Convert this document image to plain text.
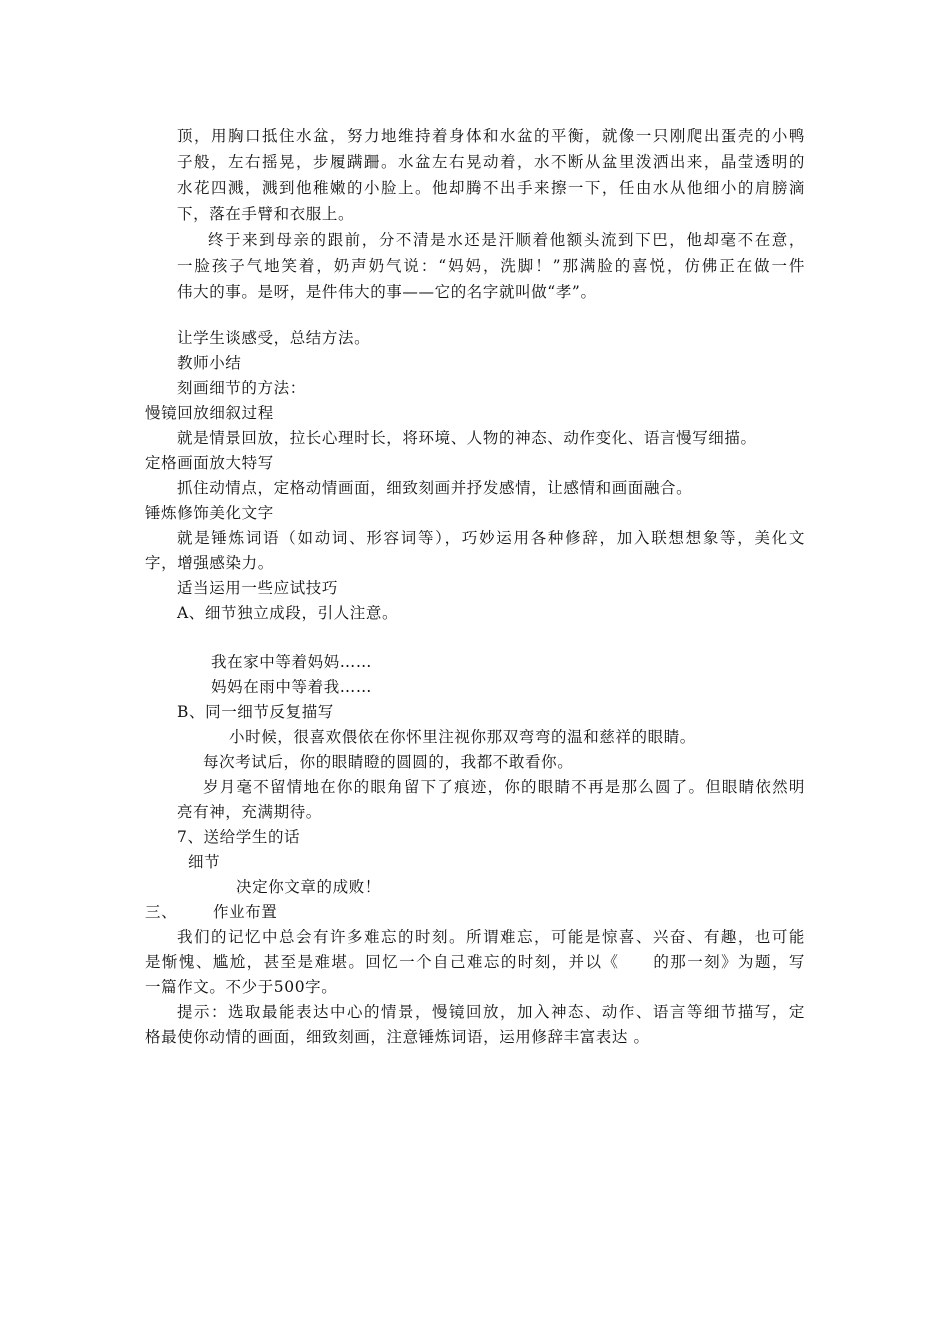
顶，用胸口抵住水盆，努力地维持着身体和水盆的平衡，就像一只刚爬出蛋壳的小鸭
子般，左右摇晃，步履蹒跚。水盆左右晃动着，水不断从盆里泼洒出来，晶莹透明的
水花四溅，溅到他稚嫩的小脸上。他却腾不出手来擦一下，任由水从他细小的肩膀滴
下，落在手臂和衣服上。
终于来到母亲的跟前，分不清是水还是汗顺着他额头流到下巴，他却毫不在意，
一脸孩子气地笑着，奶声奶气说：“妈妈，洗脚！”那满脸的喜悦，仿佛正在做一件
伟大的事。是呀，是件伟大的事——它的名字就叫做“孝”。
让学生谈感受，总结方法。
教师小结
刻画细节的方法：
慢镜回放细叙过程
就是情景回放，拉长心理时长，将环境、人物的神态、动作变化、语言慢写细描。
定格画面放大特写
抓住动情点，定格动情画面，细致刻画并抒发感情，让感情和画面融合。
锤炼修饰美化文字
就是锤炼词语（如动词、形容词等），巧妙运用各种修辞，加入联想想象等，美化文
字，增强感染力。
适当运用一些应试技巧
A、细节独立成段，引人注意。
我在家中等着妈妈……
妈妈在雨中等着我……
B、同一细节反复描写
小时候，很喜欢偎依在你怀里注视你那双弯弯的温和慈祥的眼睛。
每次考试后，你的眼睛瞪的圆圆的，我都不敢看你。
岁月毫不留情地在你的眼角留下了痕迹，你的眼睛不再是那么圆了。但眼睛依然明
亮有神，充满期待。
7、送给学生的话
细节
决定你文章的成败！
三、 作业布置
我们的记忆中总会有许多难忘的时刻。所谓难忘，可能是惊喜、兴奋、有趣，也可能
是惭愧、尴尬，甚至是难堪。回忆一个自己难忘的时刻，并以《　　的那一刻》为题，写
一篇作文。不少于500字。
提示：选取最能表达中心的情景，慢镜回放，加入神态、动作、语言等细节描写，定
格最使你动情的画面，细致刻画，注意锤炼词语，运用修辞丰富表达 。
